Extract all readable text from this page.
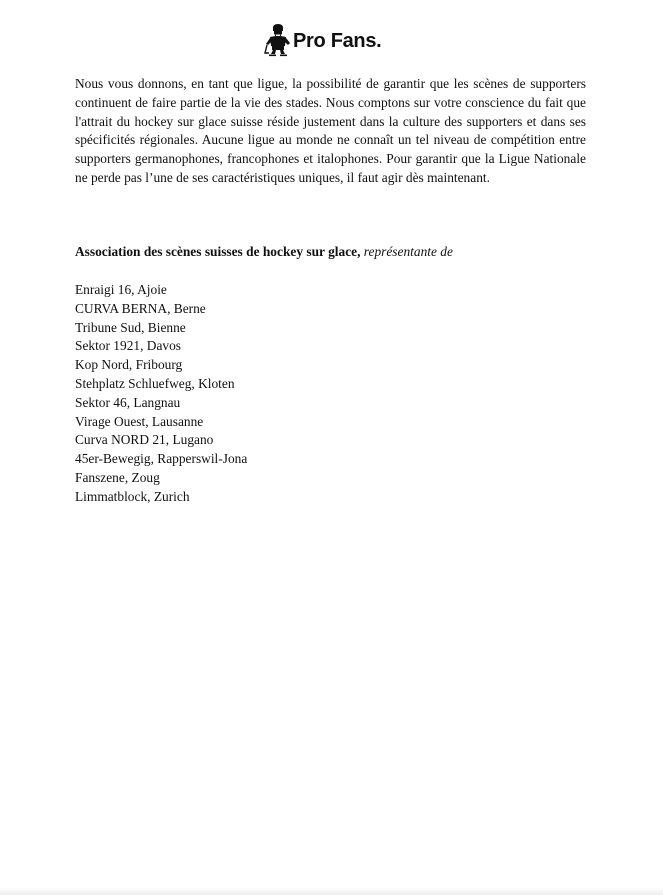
Pro Fans.

Nous vous donnons, en tant que ligue, la possibilité de garantir que les scènes de supporters continuent de faire partie de la vie des stades. Nous comptons sur votre conscience du fait que l'attrait du hockey sur glace suisse réside justement dans la culture des supporters et dans ses spécificités régionales. Aucune ligue au monde ne connaît un tel niveau de compétition entre supporters germanophones, francophones et italophones. Pour garantir que la Ligue Nationale ne perde pas l’une de ses caractéristiques uniques, il faut agir dès maintenant.

Association des scènes suisses de hockey sur glace, représentante de

Enraigi 16, Ajoie
CURVA BERNA, Berne
Tribune Sud, Bienne
Sektor 1921, Davos
Kop Nord, Fribourg
Stehplatz Schluefweg, Kloten
Sektor 46, Langnau
Virage Ouest, Lausanne
Curva NORD 21, Lugano
45er-Bewegig, Rapperswil-Jona
Fanszene, Zoug
Limmatblock, Zurich
